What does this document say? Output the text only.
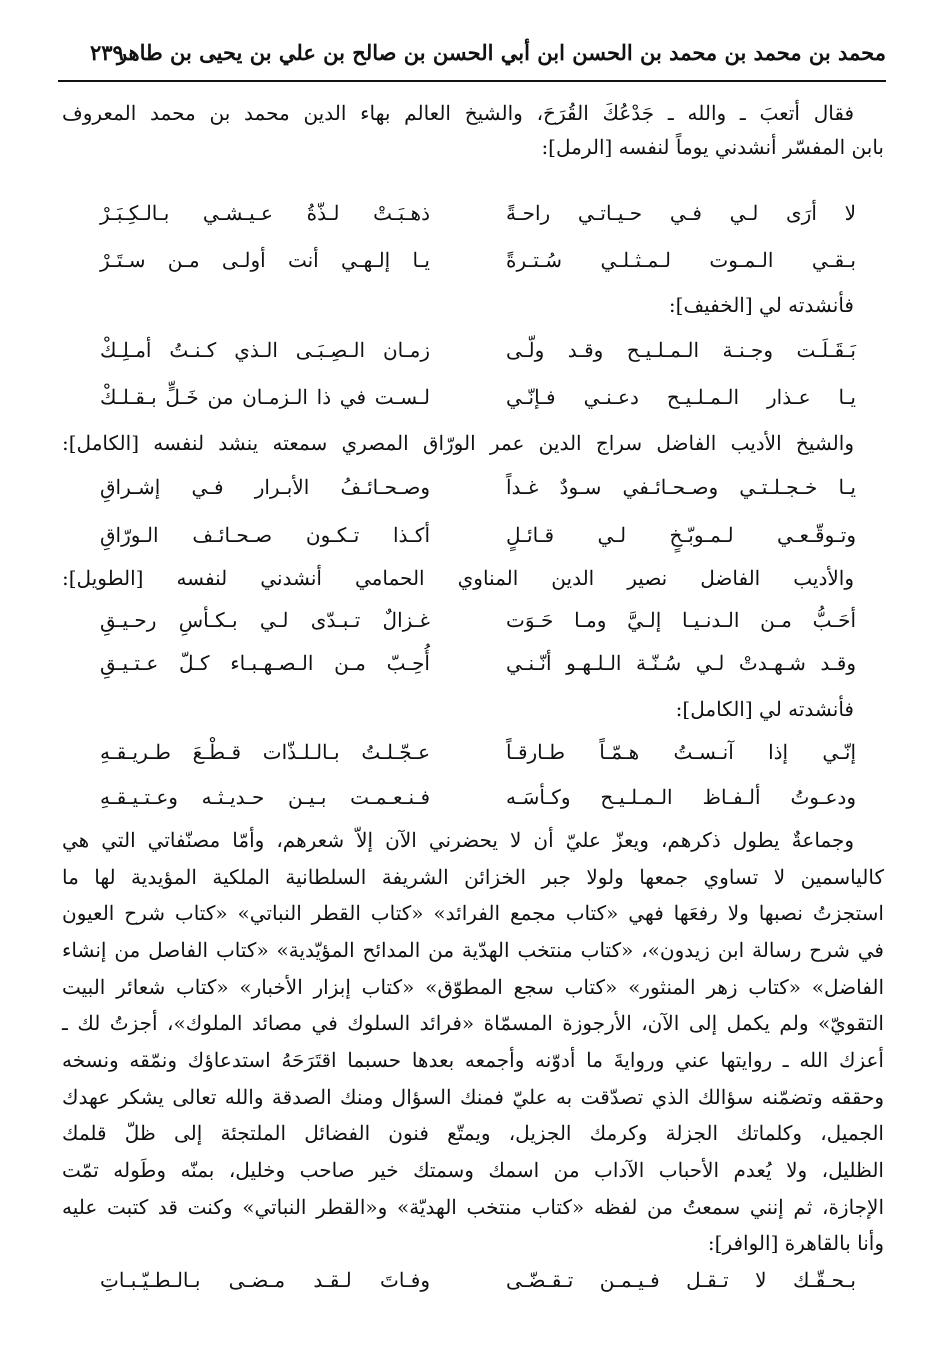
محمد بن محمد بن محمد بن الحسن ابن أبي الحسن بن صالح بن علي بن يحيى بن طاهر
٢٣٩
فقال أتعبَ ـ والله ـ جَدْعُكَ القُرَحَ، والشيخ العالم بهاء الدين محمد بن محمد المعروف
بابن المفسّر أنشدني يوماً لنفسه [الرمل]:
لا أرَى لـي فـي حـيـاتـي راحـةً
ذهـبَـتْ لـذّةُ عـيـشـي بـالـكِـبَـرْ
بـقـي الـمـوت لـمـثـلـي سُـتـرةً
يـا إلـهـي أنت أولـى مـن سـتَـرْ
فأنشدته لي [الخفيف]:
بَـقَـلَـت وجـنـة الـمـلـيـح وقـد ولّـى
زمـان الـصِـبَـى الـذي كـنـتُ أمـلِـكْ
يـا عـذار الـمـلـيـح دعـنـي فـإنّـي
لـسـت في ذا الـزمـان من خَـلٍّ بـقـلـكْ
والشيخ الأديب الفاضل سراج الدين عمر الورّاق المصري سمعته ينشد لنفسه [الكامل]:
يـا خـجـلـتـي وصـحـائـفي سـودٌ غـداً
وصـحـائـفُ الأبـرار فـي إشـراقِ
وتـوقّـعـي لـمـوبّـخٍ لـي قـائـلٍ
أكـذا تـكـون صـحـائـف الـورّاقِ
والأديب الفاضل نصير الدين المناوي الحمامي أنشدني لنفسه [الطويل]:
أحَـبُّ مـن الـدنـيـا إلـيَّ ومـا حَـوَت
غـزالٌ تـبـدّى لـي بـكـأسِ رحـيـقِ
وقـد شـهـدتْ لـي سُـنّـة الـلـهـو أنّـنـي
أُحِـبّ مـن الـصـهـبـاء كـلّ عـتـيـقِ
فأنشدته لي [الكامل]:
إنّـي إذا آنـسـتُ هـمّـاً طـارقـاً
عـجّـلـتُ بـالـلـذّات قـطْـعَ طـريـقـهِ
ودعـوتُ ألـفـاظ الـمـلـيـح وكـأسَـه
فـنـعـمـت بـيـن حـديـثـه وعـتـيـقـهِ
وجماعةٌ يطول ذكرهم، ويعزّ عليّ أن لا يحضرني الآن إلاّ شعرهم، وأمّا مصنّفاتي التي هي
كالياسمين لا تساوي جمعها ولولا جبر الخزائن الشريفة السلطانية الملكية المؤيدية لها ما
استجزتُ نصبها ولا رفعَها فهي «كتاب مجمع الفرائد» «كتاب القطر النباتي» «كتاب شرح العيون
في شرح رسالة ابن زيدون»، «كتاب منتخب الهدّية من المدائح المؤيّدية» «كتاب الفاصل من إنشاء
الفاضل» «كتاب زهر المنثور» «كتاب سجع المطوّق» «كتاب إبزار الأخبار» «كتاب شعائر البيت
التقويّ» ولم يكمل إلى الآن، الأرجوزة المسمّاة «فرائد السلوك في مصائد الملوك»، أجزتُ لك ـ
أعزك الله ـ روايتها عني وروايةَ ما أدوّنه وأجمعه بعدها حسبما اقتَرَحَهُ استدعاؤك ونمّقه ونسخه
وحققه وتضمّنه سؤالك الذي تصدّقت به عليّ فمنك السؤال ومنك الصدقة والله تعالى يشكر عهدك
الجميل، وكلماتك الجزلة وكرمك الجزيل، ويمتّع فنون الفضائل الملتجئة إلى ظلّ قلمك
الظليل، ولا يُعدم الأحباب الآداب من اسمك وسمتك خير صاحب وخليل، بمنّه وطَوله تمّت
الإجازة، ثم إنني سمعتُ من لفظه «كتاب منتخب الهديّة» و«القطر النباتي» وكنت قد كتبت عليه
وأنا بالقاهرة [الوافر]:
بـحـقّـك لا تـقـل فـيـمـن تـقـضّـى
وفـاتَ لـقـد مـضـى بـالـطـيّـبـاتِ
